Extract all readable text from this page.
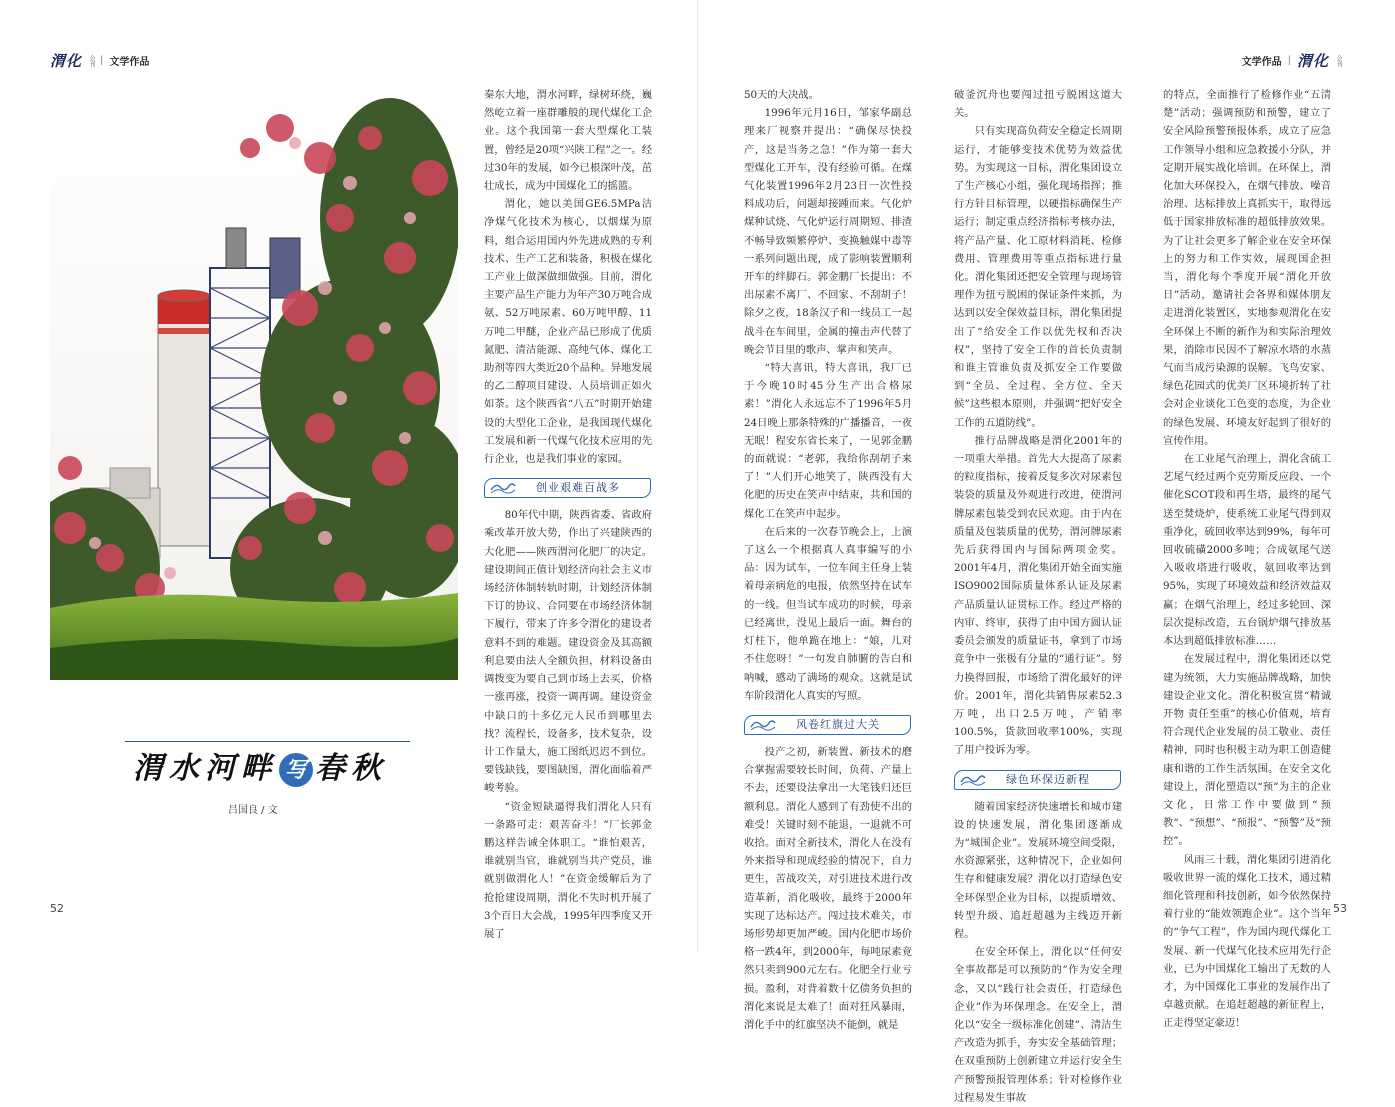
渭化 会刊 | 文学作品	文学作品 | 渭化 会刊
渭水河畔 写 春秋
吕国良 / 文

秦东大地，渭水河畔，绿树环绕，巍然屹立着一座群雕般的现代煤化工企业。这个我国第一套大型煤化工装置，曾经是20项“兴陕工程”之一。经过30年的发展，如今已根深叶茂，茁壮成长，成为中国煤化工的摇篮。

渭化，她以美国GE6.5MPa洁净煤气化技术为核心，以烟煤为原料，组合运用国内外先进成熟的专利技术、生产工艺和装备，积极在煤化工产业上做深做细做强。目前，渭化主要产品生产能力为年产30万吨合成氨、52万吨尿素、60万吨甲醇、11万吨二甲醚，企业产品已形成了优质氮肥、清洁能源、高纯气体、煤化工助剂等四大类近20个品种。异地发展的乙二醇项目建设、人员培训正如火如荼。这个陕西省“八五”时期开始建设的大型化工企业，是我国现代煤化工发展和新一代煤气化技术应用的先行企业，也是我们事业的家园。

创业艰难百战多

80年代中期，陕西省委、省政府乘改革开放大势，作出了兴建陕西的大化肥——陕西渭河化肥厂的决定。建设期间正值计划经济向社会主义市场经济体制转轨时期，计划经济体制下订的协议、合同要在市场经济体制下履行，带来了许多令渭化的建设者意料不到的难题。建设资金及其高额利息要由法人全额负担，材料设备由调拨变为要自己到市场上去买，价格一涨再涨，投资一调再调。建设资金中缺口的十多亿元人民币到哪里去找？流程长，设备多，技术复杂，设计工作量大，施工图纸迟迟不到位。要钱缺钱，要图缺图，渭化面临着严峻考验。

“资金短缺逼得我们渭化人只有一条路可走：艰苦奋斗！”厂长郭金鹏这样告诫全体职工。“谁怕艰苦，谁就别当官，谁就别当共产党员，谁就别做渭化人！”在资金缓解后为了抢抢建设周期，渭化不失时机开展了3个百日大会战，1995年四季度又开展了

50天的大决战。

1996年元月16日，邹家华副总理来厂视察并提出：“确保尽快投产，这是当务之急！”作为第一套大型煤化工开车，没有经验可循。在煤气化装置1996年2月23日一次性投料成功后，问题却接踵而来。气化炉煤种试烧、气化炉运行周期短、排渣不畅导致频繁停炉、变换触媒中毒等一系列问题出现，成了影响装置顺利开车的绊脚石。郭金鹏厂长提出：不出尿素不离厂、不回家、不刮胡子！除夕之夜，18条汉子和一线员工一起战斗在车间里，金属的撞击声代替了晚会节目里的歌声、掌声和笑声。

“特大喜讯，特大喜讯，我厂已于今晚10时45分生产出合格尿素！”渭化人永远忘不了1996年5月24日晚上那条特殊的广播播音，一夜无眠！程安东省长来了，一见郭金鹏的面就说：“老郭，我给你刮胡子来了！”人们开心地笑了，陕西没有大化肥的历史在笑声中结束，共和国的煤化工在笑声中起步。

在后来的一次春节晚会上，上演了这么一个根据真人真事编写的小品：因为试车，一位车间主任身上装着母亲病危的电报，依然坚持在试车的一线。但当试车成功的时候，母亲已经离世，没见上最后一面。舞台的灯柱下，他单跪在地上：“娘，儿对不住您呀！”一句发自肺腑的告白和呐喊，感动了满场的观众。这就是试车阶段渭化人真实的写照。

风卷红旗过大关

投产之初，新装置、新技术的磨合掌握需要较长时间，负荷、产量上不去，还要设法拿出一大笔钱归还巨额利息。渭化人感到了有劲使不出的难受！关键时刻不能退，一退就不可收拾。面对全新技术，渭化人在没有外来指导和现成经验的情况下，自力更生，苦战攻关，对引进技术进行改造革新，消化吸收，最终于2000年实现了达标达产。闯过技术难关，市场形势却更加严峻。国内化肥市场价格一跌4年，到2000年，每吨尿素竟然只卖到900元左右。化肥全行业亏损。盈利，对背着数十亿债务负担的渭化来说是太难了！面对狂风暴雨，渭化手中的红旗坚决不能倒，就是

破釜沉舟也要闯过扭亏脱困这道大关。

只有实现高负荷安全稳定长周期运行，才能够变技术优势为效益优势。为实现这一目标，渭化集团设立了生产核心小组，强化现场指挥；推行方针目标管理，以硬指标确保生产运行；制定重点经济指标考核办法，将产品产量、化工原材料消耗、检修费用、管理费用等重点指标进行量化。渭化集团还把安全管理与现场管理作为扭亏脱困的保证条件来抓，为达到以安全保效益目标，渭化集团提出了“给安全工作以优先权和否决权”，坚持了安全工作的首长负责制和谁主管谁负责及抓安全工作要做到“全员、全过程、全方位、全天候”这些根本原则，并强调“把好安全工作的五道防线”。

推行品牌战略是渭化2001年的一项重大举措。首先大大提高了尿素的粒度指标，接着反复多次对尿素包装袋的质量及外观进行改进，使渭河牌尿素包装受到农民欢迎。由于内在质量及包装质量的优势，渭河牌尿素先后获得国内与国际两项金奖。2001年4月，渭化集团开始全面实施ISO9002国际质量体系认证及尿素产品质量认证贯标工作。经过严格的内审、终审，获得了由中国方圆认证委员会颁发的质量证书，拿到了市场竞争中一张极有分量的“通行证”。努力换得回报，市场给了渭化最好的评价。2001年，渭化共销售尿素52.3万吨，出口2.5万吨，产销率100.5%，货款回收率100%，实现了用户投诉为零。

绿色环保迈新程

随着国家经济快速增长和城市建设的快速发展，渭化集团逐渐成为“城围企业”。发展环境空间受限，水资源紧张，这种情况下，企业如何生存和健康发展？渭化以打造绿色安全环保型企业为目标，以提质增效、转型升级、追赶超越为主线迈开新程。

在安全环保上，渭化以“任何安全事故都是可以预防的”作为安全理念，又以“践行社会责任，打造绿色企业”作为环保理念。在安全上，渭化以“安全一级标准化创建”、清洁生产改造为抓手，夯实安全基础管理；在双重预防上创新建立并运行安全生产预警预报管理体系；针对检修作业过程易发生事故

的特点，全面推行了检修作业“五清楚”活动；强调预防和预警，建立了安全风险预警预报体系，成立了应急工作领导小组和应急救援小分队，并定期开展实战化培训。在环保上，渭化加大环保投入，在烟气排放、噪音治理、达标排放上真抓实干，取得远低于国家排放标准的超低排放效果。为了让社会更多了解企业在安全环保上的努力和工作实效，展现国企担当，渭化每个季度开展“渭化开放日”活动，邀请社会各界和媒体朋友走进渭化装置区，实地参观渭化在安全环保上不断的新作为和实际治理效果，消除市民因不了解凉水塔的水蒸气而当成污染源的误解。飞鸟安家、绿色花园式的优美厂区环境折转了社会对企业谈化工色变的态度，为企业的绿色发展、环境友好起到了很好的宣传作用。

在工业尾气治理上，渭化含硫工艺尾气经过两个克劳斯反应段、一个催化SCOT段和再生塔，最终的尾气送至焚烧炉，使系统工业尾气得到双重净化，硫回收率达到99%，每年可回收硫磺2000多吨；合成氨尾气送入吸收塔进行吸收，氨回收率达到95%，实现了环境效益和经济效益双赢；在烟气治理上，经过多轮回、深层次提标改造，五台锅炉烟气排放基本达到超低排放标准……

在发展过程中，渭化集团还以党建为统领，大力实施品牌战略，加快建设企业文化。渭化积极宣贯“精诚开物 责任至重”的核心价值观，培育符合现代企业发展的员工敬业、责任精神，同时也积极主动为职工创造健康和谐的工作生活氛围。在安全文化建设上，渭化塑造以“预”为主的企业文化，日常工作中要做到“预教”、“预想”、“预报”、“预警”及“预控”。

风雨三十载，渭化集团引进消化吸收世界一流的煤化工技术，通过精细化管理和科技创新，如今依然保持着行业的“能效领跑企业”。这个当年的“争气工程”，作为国内现代煤化工发展、新一代煤气化技术应用先行企业，已为中国煤化工输出了无数的人才，为中国煤化工事业的发展作出了卓越贡献。在追赶超越的新征程上，正走得坚定豪迈！

52	53
